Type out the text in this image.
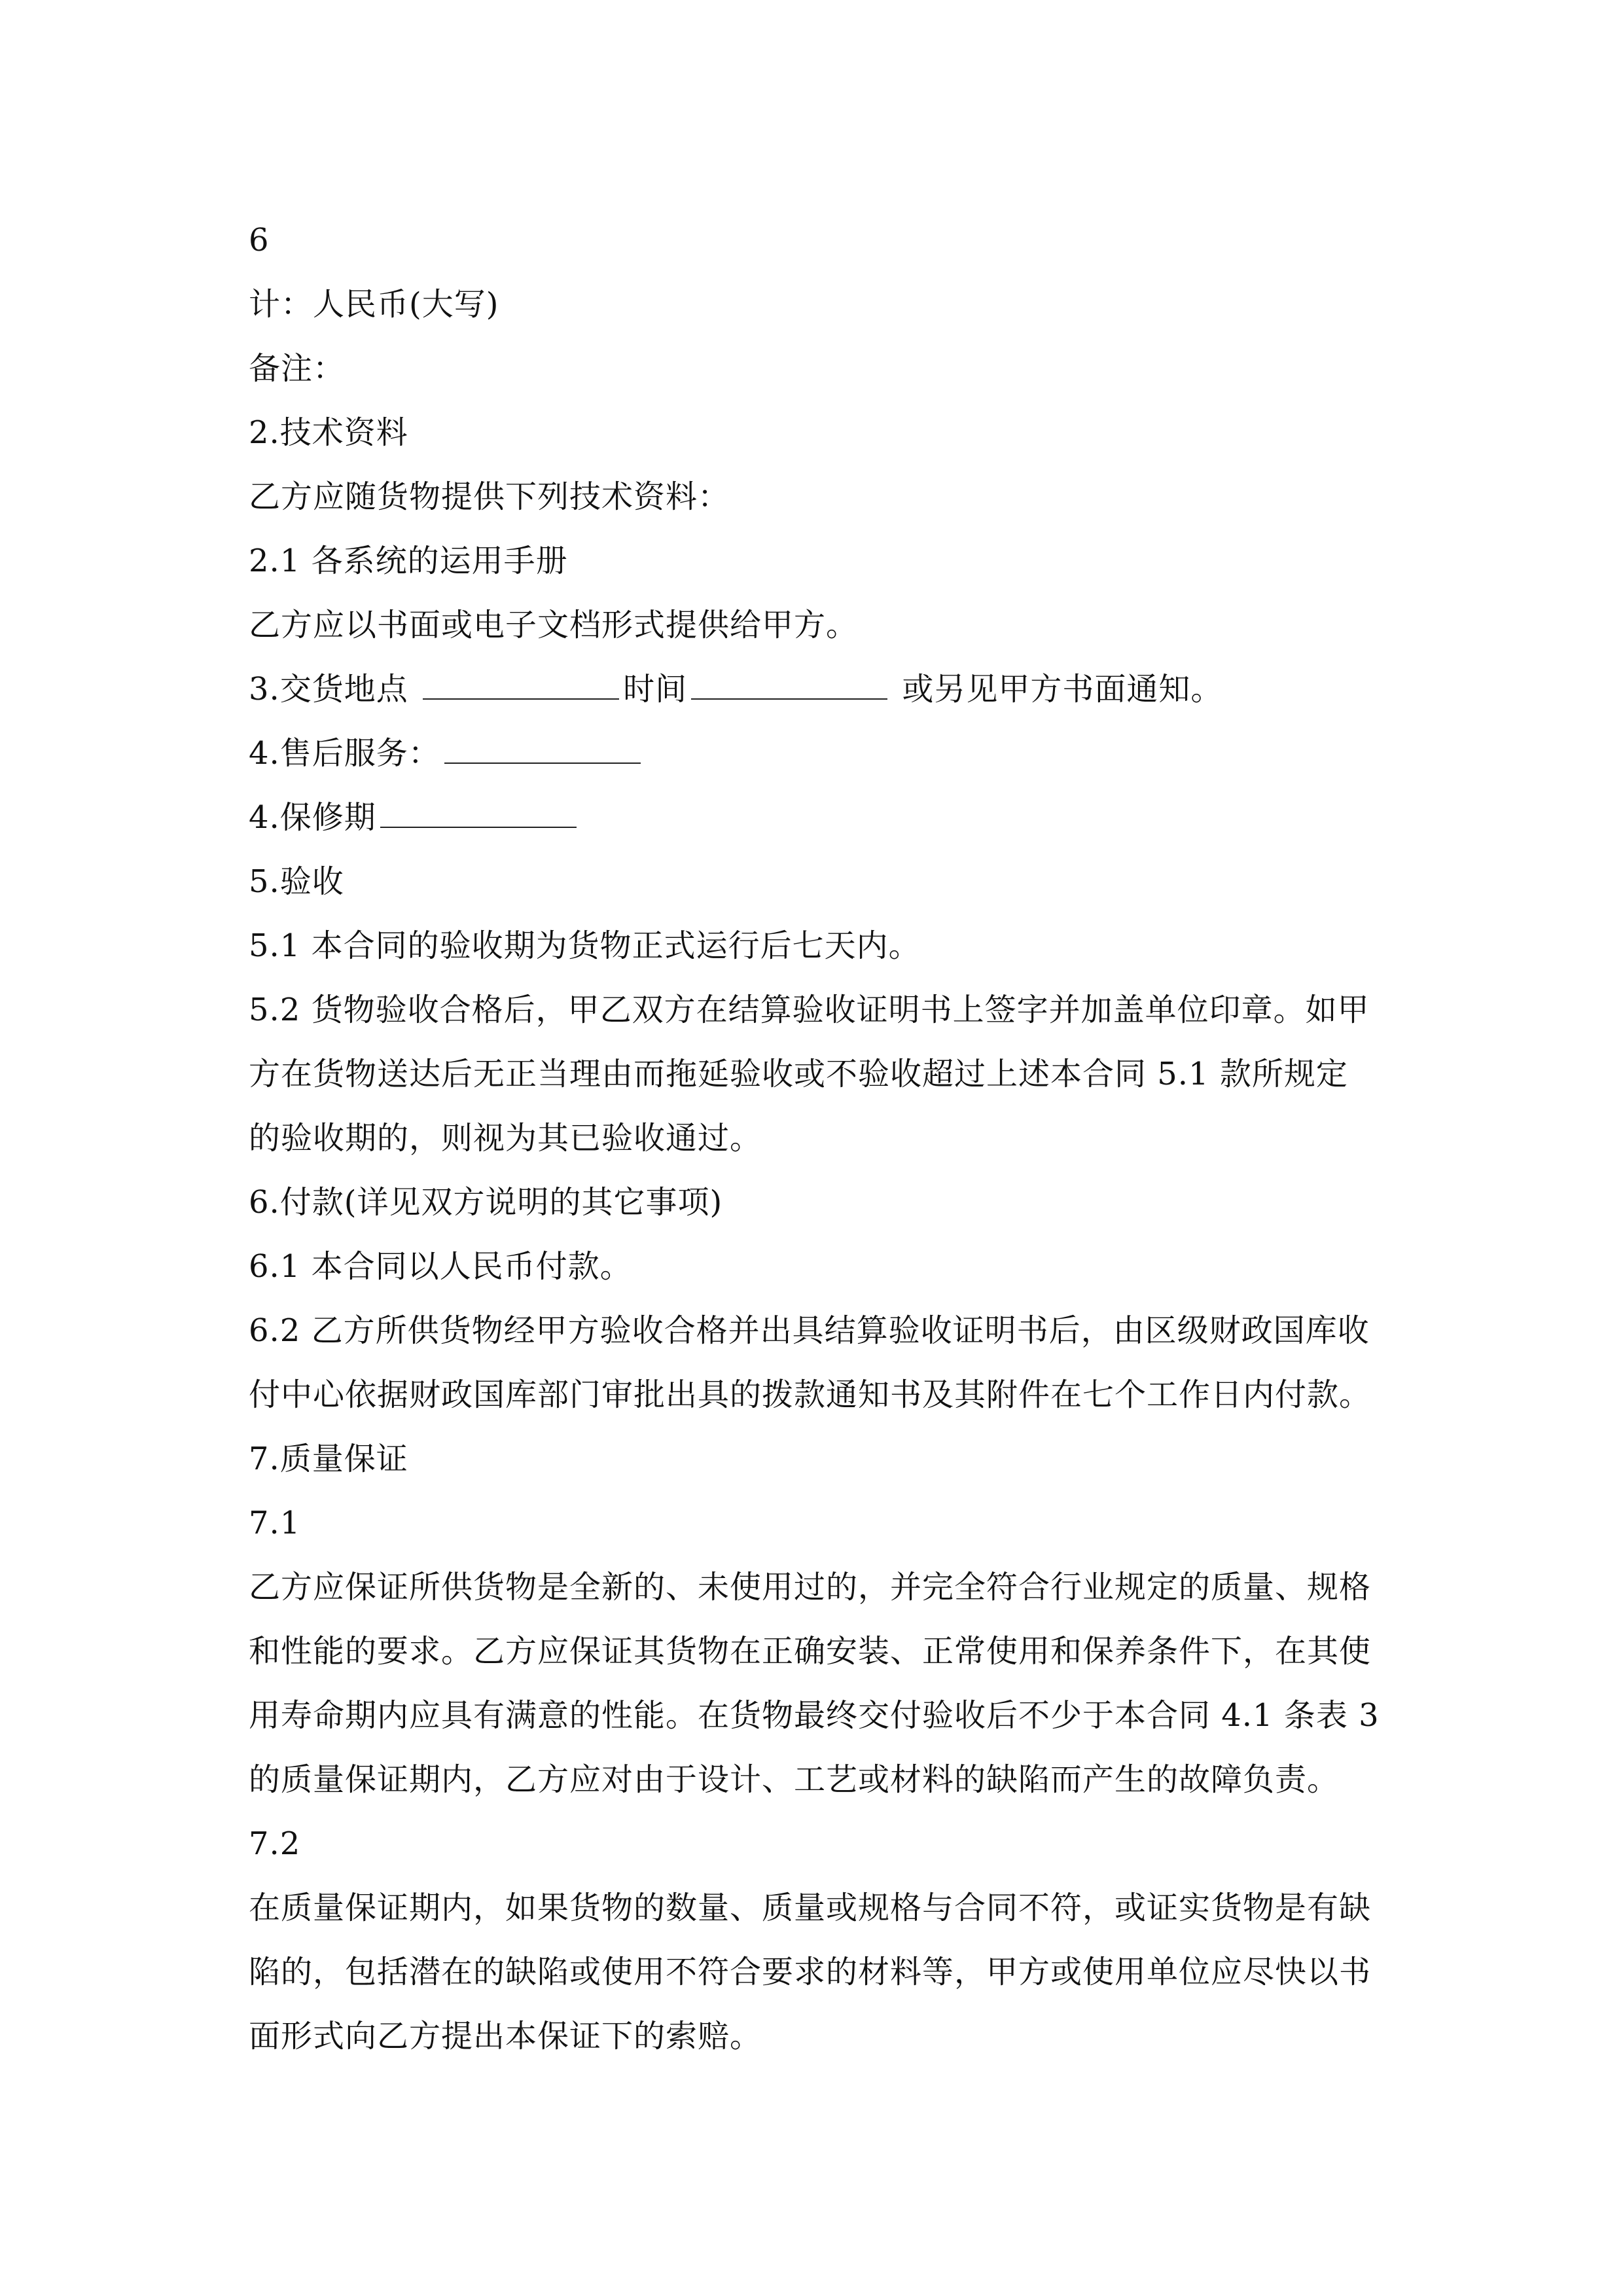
6
计：人民币(大写)
备注：
2.技术资料
乙方应随货物提供下列技术资料：
2.1 各系统的运用手册
乙方应以书面或电子文档形式提供给甲方。
3.交货地点	时间	或另见甲方书面通知。
4.售后服务：
4.保修期
5.验收
5.1 本合同的验收期为货物正式运行后七天内。
5.2 货物验收合格后，甲乙双方在结算验收证明书上签字并加盖单位印章。如甲
方在货物送达后无正当理由而拖延验收或不验收超过上述本合同 5.1 款所规定
的验收期的，则视为其已验收通过。
6.付款(详见双方说明的其它事项)
6.1 本合同以人民币付款。
6.2 乙方所供货物经甲方验收合格并出具结算验收证明书后，由区级财政国库收
付中心依据财政国库部门审批出具的拨款通知书及其附件在七个工作日内付款。
7.质量保证
7.1
乙方应保证所供货物是全新的、未使用过的，并完全符合行业规定的质量、规格
和性能的要求。乙方应保证其货物在正确安装、正常使用和保养条件下，在其使
用寿命期内应具有满意的性能。在货物最终交付验收后不少于本合同 4.1 条表 3
的质量保证期内，乙方应对由于设计、工艺或材料的缺陷而产生的故障负责。
7.2
在质量保证期内，如果货物的数量、质量或规格与合同不符，或证实货物是有缺
陷的，包括潜在的缺陷或使用不符合要求的材料等，甲方或使用单位应尽快以书
面形式向乙方提出本保证下的索赔。
